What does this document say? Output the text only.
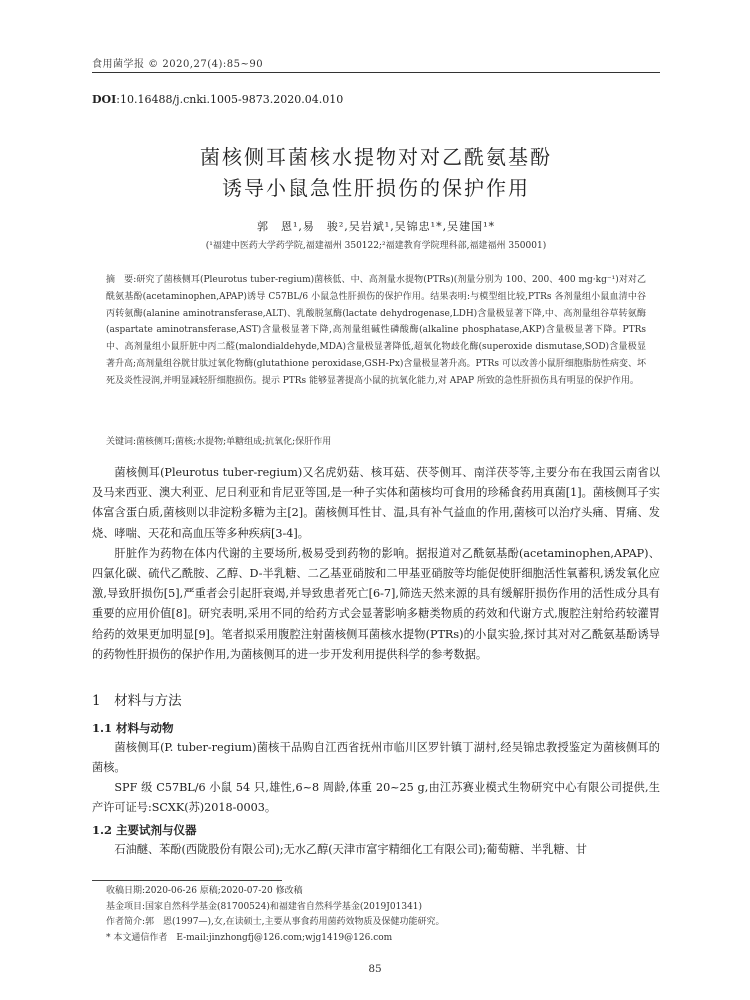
食用菌学报 © 2020,27(4):85~90
DOI:10.16488/j.cnki.1005-9873.2020.04.010
菌核侧耳菌核水提物对对乙酰氨基酚
诱导小鼠急性肝损伤的保护作用
郭　恩¹,易　骏²,吴岩斌¹,吴锦忠¹*,吴建国¹*
(¹福建中医药大学药学院,福建福州 350122;²福建教育学院理科部,福建福州 350001)
摘　要:研究了菌核侧耳(Pleurotus tuber-regium)菌核低、中、高剂量水提物(PTRs)(剂量分别为 100、200、400 mg·kg⁻¹)对对乙酰氨基酚(acetaminophen,APAP)诱导 C57BL/6 小鼠急性肝损伤的保护作用。结果表明:与模型组比较,PTRs 各剂量组小鼠血清中谷丙转氨酶(alanine aminotransferase,ALT)、乳酸脱氢酶(lactate dehydrogenase,LDH)含量极显著下降,中、高剂量组谷草转氨酶(aspartate aminotransferase,AST)含量极显著下降,高剂量组碱性磷酸酶(alkaline phosphatase,AKP)含量极显著下降。PTRs 中、高剂量组小鼠肝脏中丙二醛(malondialdehyde,MDA)含量极显著降低,超氧化物歧化酶(superoxide dismutase,SOD)含量极显著升高;高剂量组谷胱甘肽过氧化物酶(glutathione peroxidase,GSH-Px)含量极显著升高。PTRs 可以改善小鼠肝细胞脂肪性病变、坏死及炎性浸润,并明显减轻肝细胞损伤。提示 PTRs 能够显著提高小鼠的抗氧化能力,对 APAP 所致的急性肝损伤具有明显的保护作用。
关键词:菌核侧耳;菌核;水提物;单糖组成;抗氧化;保肝作用

菌核侧耳(Pleurotus tuber-regium)又名虎奶菇、核耳菇、茯苓侧耳、南洋茯苓等,主要分布在我国云南省以及马来西亚、澳大利亚、尼日利亚和肯尼亚等国,是一种子实体和菌核均可食用的珍稀食药用真菌[1]。菌核侧耳子实体富含蛋白质,菌核则以非淀粉多糖为主[2]。菌核侧耳性甘、温,具有补气益血的作用,菌核可以治疗头痛、胃痛、发烧、哮喘、天花和高血压等多种疾病[3-4]。

肝脏作为药物在体内代谢的主要场所,极易受到药物的影响。据报道对乙酰氨基酚(acetaminophen,APAP)、四氯化碳、硫代乙酰胺、乙醇、D-半乳糖、二乙基亚硝胺和二甲基亚硝胺等均能促使肝细胞活性氧蓄积,诱发氧化应激,导致肝损伤[5],严重者会引起肝衰竭,并导致患者死亡[6-7],筛选天然来源的具有缓解肝损伤作用的活性成分具有重要的应用价值[8]。研究表明,采用不同的给药方式会显著影响多糖类物质的药效和代谢方式,腹腔注射给药较灌胃给药的效果更加明显[9]。笔者拟采用腹腔注射菌核侧耳菌核水提物(PTRs)的小鼠实验,探讨其对对乙酰氨基酚诱导的药物性肝损伤的保护作用,为菌核侧耳的进一步开发利用提供科学的参考数据。

1　材料与方法
1.1 材料与动物
菌核侧耳(P. tuber-regium)菌核干品购自江西省抚州市临川区罗针镇丁湖村,经吴锦忠教授鉴定为菌核侧耳的菌核。
SPF 级 C57BL/6 小鼠 54 只,雄性,6~8 周龄,体重 20~25 g,由江苏赛业模式生物研究中心有限公司提供,生产许可证号:SCXK(苏)2018-0003。
1.2 主要试剂与仪器
石油醚、苯酚(西陇股份有限公司);无水乙醇(天津市富宇精细化工有限公司);葡萄糖、半乳糖、甘
收稿日期:2020-06-26 原稿;2020-07-20 修改稿
基金项目:国家自然科学基金(81700524)和福建省自然科学基金(2019J01341)
作者简介:郭　恩(1997—),女,在读硕士,主要从事食药用菌药效物质及保健功能研究。
* 本文通信作者　E-mail:jinzhongfj@126.com;wjg1419@126.com
85
